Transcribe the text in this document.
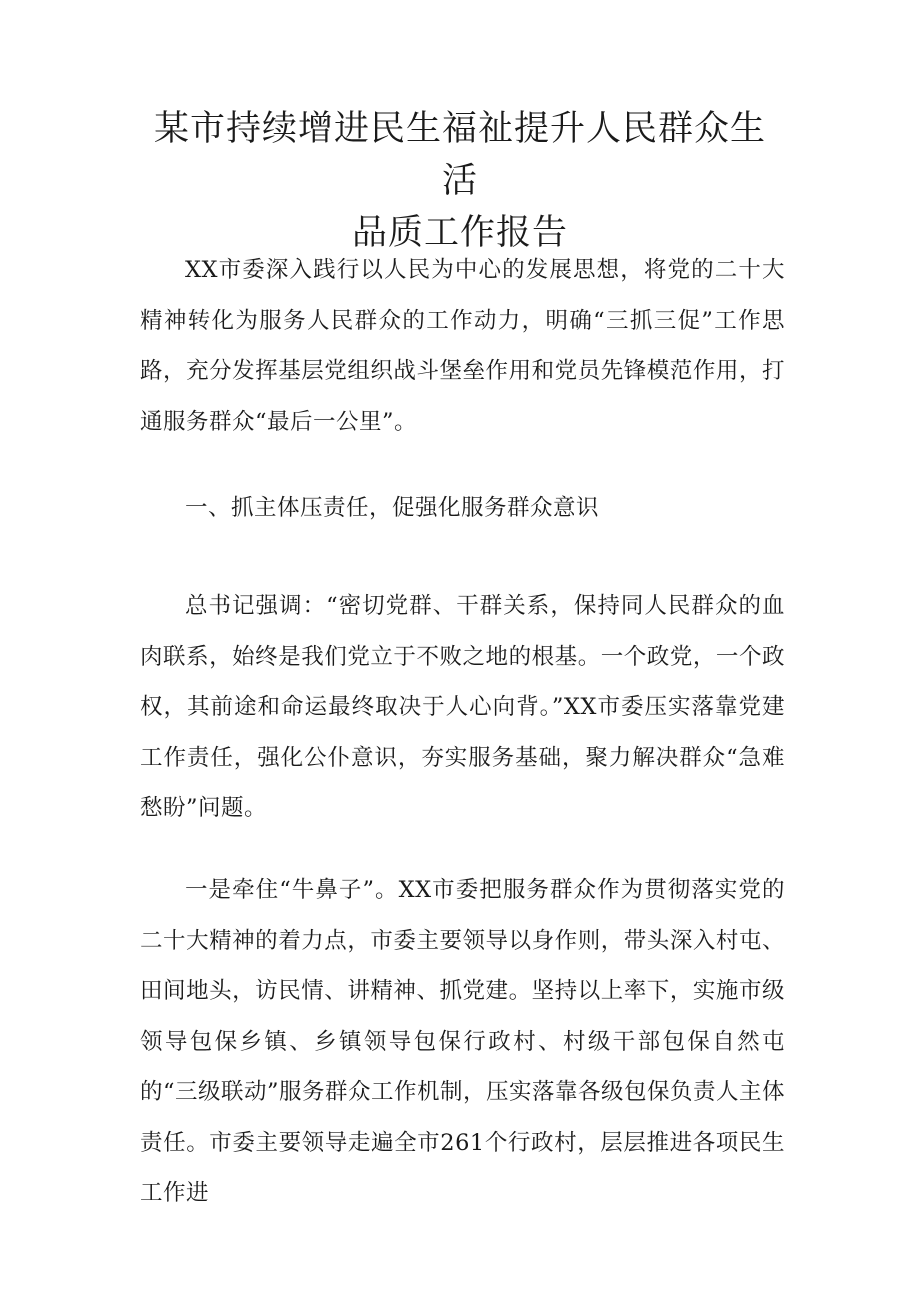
某市持续增进民生福祉提升人民群众生活
品质工作报告

XX市委深入践行以人民为中心的发展思想，将党的二十大精神转化为服务人民群众的工作动力，明确“三抓三促”工作思路，充分发挥基层党组织战斗堡垒作用和党员先锋模范作用，打通服务群众“最后一公里”。

一、抓主体压责任，促强化服务群众意识

总书记强调：“密切党群、干群关系，保持同人民群众的血肉联系，始终是我们党立于不败之地的根基。一个政党，一个政权，其前途和命运最终取决于人心向背。”XX市委压实落靠党建工作责任，强化公仆意识，夯实服务基础，聚力解决群众“急难愁盼”问题。

一是牵住“牛鼻子”。XX市委把服务群众作为贯彻落实党的二十大精神的着力点，市委主要领导以身作则，带头深入村屯、田间地头，访民情、讲精神、抓党建。坚持以上率下，实施市级领导包保乡镇、乡镇领导包保行政村、村级干部包保自然屯的“三级联动”服务群众工作机制，压实落靠各级包保负责人主体责任。市委主要领导走遍全市261个行政村，层层推进各项民生工作进
